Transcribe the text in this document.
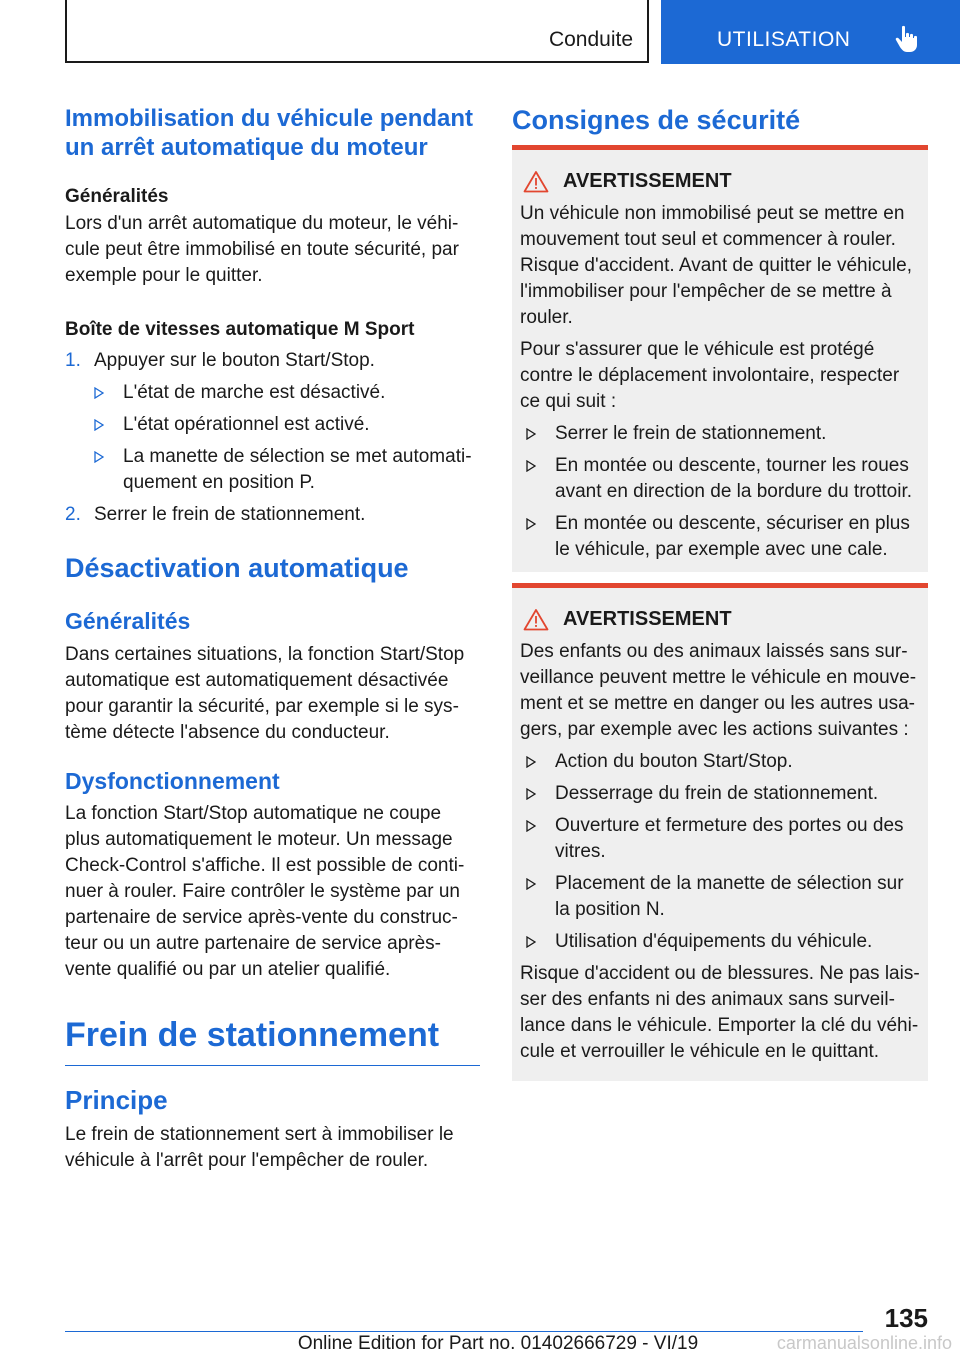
Conduite	UTILISATION
Immobilisation du véhicule pendant un arrêt automatique du moteur

Généralités

Lors d'un arrêt automatique du moteur, le véhicule peut être immobilisé en toute sécurité, par exemple pour le quitter.

Boîte de vitesses automatique M Sport

1. Appuyer sur le bouton Start/Stop.
L'état de marche est désactivé.
L'état opérationnel est activé.
La manette de sélection se met automatiquement en position P.
2. Serrer le frein de stationnement.
Désactivation automatique
Généralités

Dans certaines situations, la fonction Start/Stop automatique est automatiquement désactivée pour garantir la sécurité, par exemple si le système détecte l'absence du conducteur.

Dysfonctionnement

La fonction Start/Stop automatique ne coupe plus automatiquement le moteur. Un message Check-Control s'affiche. Il est possible de continuer à rouler. Faire contrôler le système par un partenaire de service après-vente du constructeur ou un autre partenaire de service après-vente qualifié ou par un atelier qualifié.

Frein de stationnement
Principe

Le frein de stationnement sert à immobiliser le véhicule à l'arrêt pour l'empêcher de rouler.

Consignes de sécurité
AVERTISSEMENT

Un véhicule non immobilisé peut se mettre en mouvement tout seul et commencer à rouler. Risque d'accident. Avant de quitter le véhicule, l'immobiliser pour l'empêcher de se mettre à rouler.

Pour s'assurer que le véhicule est protégé contre le déplacement involontaire, respecter ce qui suit :

Serrer le frein de stationnement.
En montée ou descente, tourner les roues avant en direction de la bordure du trottoir.
En montée ou descente, sécuriser en plus le véhicule, par exemple avec une cale.
AVERTISSEMENT

Des enfants ou des animaux laissés sans surveillance peuvent mettre le véhicule en mouvement et se mettre en danger ou les autres usagers, par exemple avec les actions suivantes :

Action du bouton Start/Stop.
Desserrage du frein de stationnement.
Ouverture et fermeture des portes ou des vitres.
Placement de la manette de sélection sur la position N.
Utilisation d'équipements du véhicule.

Risque d'accident ou de blessures. Ne pas laisser des enfants ni des animaux sans surveillance dans le véhicule. Emporter la clé du véhicule et verrouiller le véhicule en le quittant.

135
Online Edition for Part no. 01402666729 - VI/19	carmanualsonline.info
